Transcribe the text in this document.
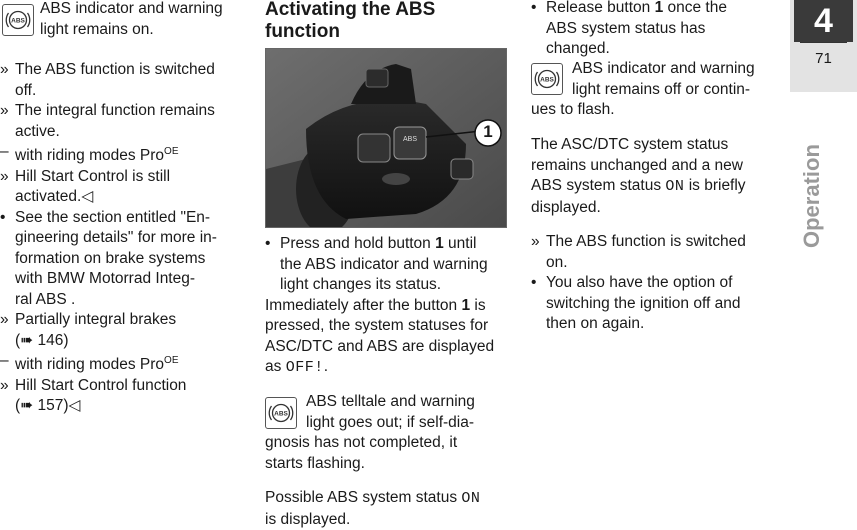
ABS
ABS indicator and warning
light remains on.
» The ABS function is switched
off.
» The integral function remains
active.
– with riding modes Pro$^{OE}$
» Hill Start Control is still
activated.◁
• See the section entitled "En-
gineering details" for more in-
formation on brake systems
with BMW Motorrad Integ-
ral ABS .
» Partially integral brakes
(➠ 146)
– with riding modes Pro$^{OE}$
» Hill Start Control function
(➠ 157)◁
Activating the ABS
function
ABS	1
• Press and hold button 1 until
the ABS indicator and warning
light changes its status.
Immediately after the button 1 is
pressed, the system statuses for
ASC/DTC and ABS are displayed
as OFF!.
ABS
ABS telltale and warning
light goes out; if self-dia-
gnosis has not completed, it
starts flashing.
Possible ABS system status ON
is displayed.
• Release button 1 once the
ABS system status has
changed.
ABS
ABS indicator and warning
light remains off or contin-
ues to flash.
The ASC/DTC system status
remains unchanged and a new
ABS system status ON is briefly
displayed.
» The ABS function is switched
on.
• You also have the option of
switching the ignition off and
then on again.
4
71
Operation
